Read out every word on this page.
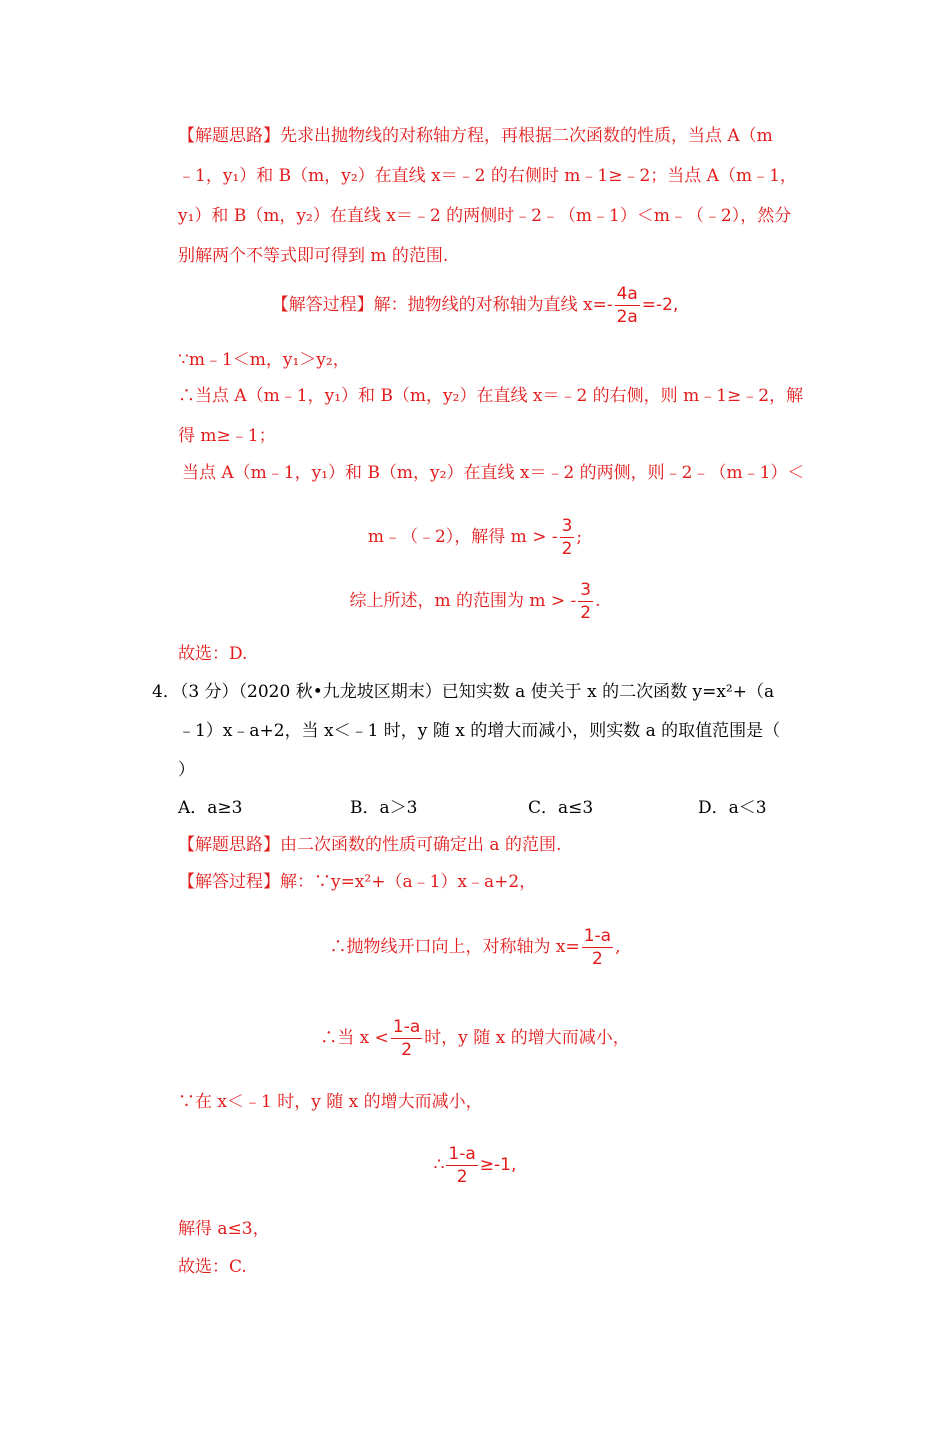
【解题思路】先求出抛物线的对称轴方程，再根据二次函数的性质，当点 A（m
﹣1，y₁）和 B（m，y₂）在直线 x＝﹣2 的右侧时 m﹣1≥﹣2；当点 A（m﹣1，
y₁）和 B（m，y₂）在直线 x＝﹣2 的两侧时﹣2﹣（m﹣1）＜m﹣（﹣2），然分
别解两个不等式即可得到 m 的范围.
【解答过程】解：抛物线的对称轴为直线 $x=- \frac{4a}{2a} =-2$,
∵m﹣1＜m，y₁＞y₂，
∴当点 A（m﹣1，y₁）和 B（m，y₂）在直线 x＝﹣2 的右侧，则 m﹣1≥﹣2，解
得 m≥﹣1；
当点 A（m﹣1，y₁）和 B（m，y₂）在直线 x＝﹣2 的两侧，则﹣2﹣（m﹣1）＜
m﹣（﹣2），解得 m > - $\frac{3}{2}$ ;
综上所述，m 的范围为 m > - $\frac{3}{2}$ .
故选：D.
4．（3 分）（2020 秋•九龙坡区期末）已知实数 a 使关于 x 的二次函数 y=x²+（a
﹣1）x﹣a+2，当 x＜﹣1 时，y 随 x 的增大而减小，则实数 a 的取值范围是（
）
A．a≥3	B．a＞3	C．a≤3	D．a＜3
【解题思路】由二次函数的性质可确定出 a 的范围.
【解答过程】解：∵y=x²+（a﹣1）x﹣a+2，
∴抛物线开口向上，对称轴为 $x= \frac{1-a}{2}$ ,
∴当 $x < \frac{1-a}{2}$ 时，y 随 x 的增大而减小，
∵在 x＜﹣1 时，y 随 x 的增大而减小，
∴ $\frac{1-a}{2} \ge-1$,
解得 a≤3，
故选：C.
